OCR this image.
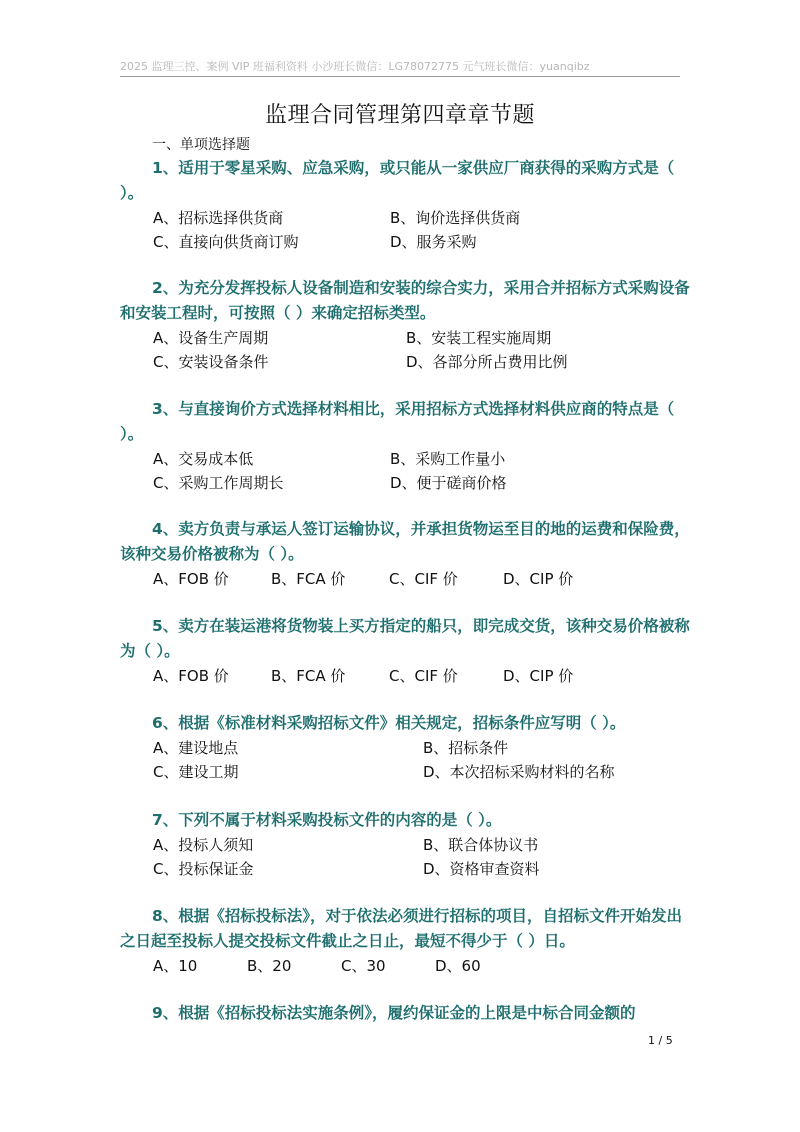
2025 监理三控、案例 VIP 班福利资料 小沙班长微信：LG78072775 元气班长微信：yuanqibz
监理合同管理第四章章节题
一、单项选择题

1、适用于零星采购、应急采购，或只能从一家供应厂商获得的采购方式是（ ）。

A、招标选择供货商	B、询价选择供货商
C、直接向供货商订购	D、服务采购

2、为充分发挥投标人设备制造和安装的综合实力，采用合并招标方式采购设备和安装工程时，可按照（ ）来确定招标类型。

A、设备生产周期	B、安装工程实施周期
C、安装设备条件	D、各部分所占费用比例

3、与直接询价方式选择材料相比，采用招标方式选择材料供应商的特点是（ ）。

A、交易成本低	B、采购工作量小
C、采购工作周期长	D、便于磋商价格

4、卖方负责与承运人签订运输协议，并承担货物运至目的地的运费和保险费，该种交易价格被称为（ ）。

A、FOB 价	B、FCA 价	C、CIF 价	D、CIP 价

5、卖方在装运港将货物装上买方指定的船只，即完成交货，该种交易价格被称为（ ）。

A、FOB 价	B、FCA 价	C、CIF 价	D、CIP 价

6、根据《标准材料采购招标文件》相关规定，招标条件应写明（ ）。

A、建设地点	B、招标条件
C、建设工期	D、本次招标采购材料的名称

7、下列不属于材料采购投标文件的内容的是（ ）。

A、投标人须知	B、联合体协议书
C、投标保证金	D、资格审查资料

8、根据《招标投标法》，对于依法必须进行招标的项目，自招标文件开始发出之日起至投标人提交投标文件截止之日止，最短不得少于（ ）日。

A、10	B、20	C、30	D、60

9、根据《招标投标法实施条例》，履约保证金的上限是中标合同金额的

1 / 5
